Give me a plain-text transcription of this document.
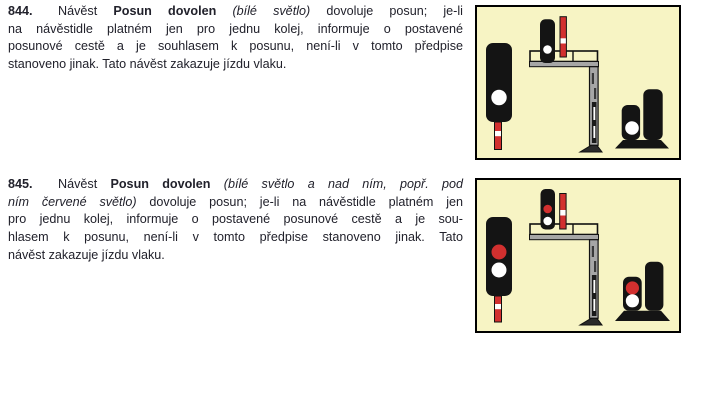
844. Návěst Posun dovolen (bílé světlo) dovoluje posun; je-li
na návěstidle platném jen pro jednu kolej, informuje o postavené
posunové cestě a je souhlasem k posunu, není-li v tomto předpise
stanoveno jinak. Tato návěst zakazuje jízdu vlaku.
845. Návěst Posun dovolen (bílé světlo a nad ním, popř. pod
ním červené světlo) dovoluje posun; je-li na návěstidle platném jen
pro jednu kolej, informuje o postavené posunové cestě a je sou-
hlasem k posunu, není-li v tomto předpise stanoveno jinak. Tato
návěst zakazuje jízdu vlaku.
